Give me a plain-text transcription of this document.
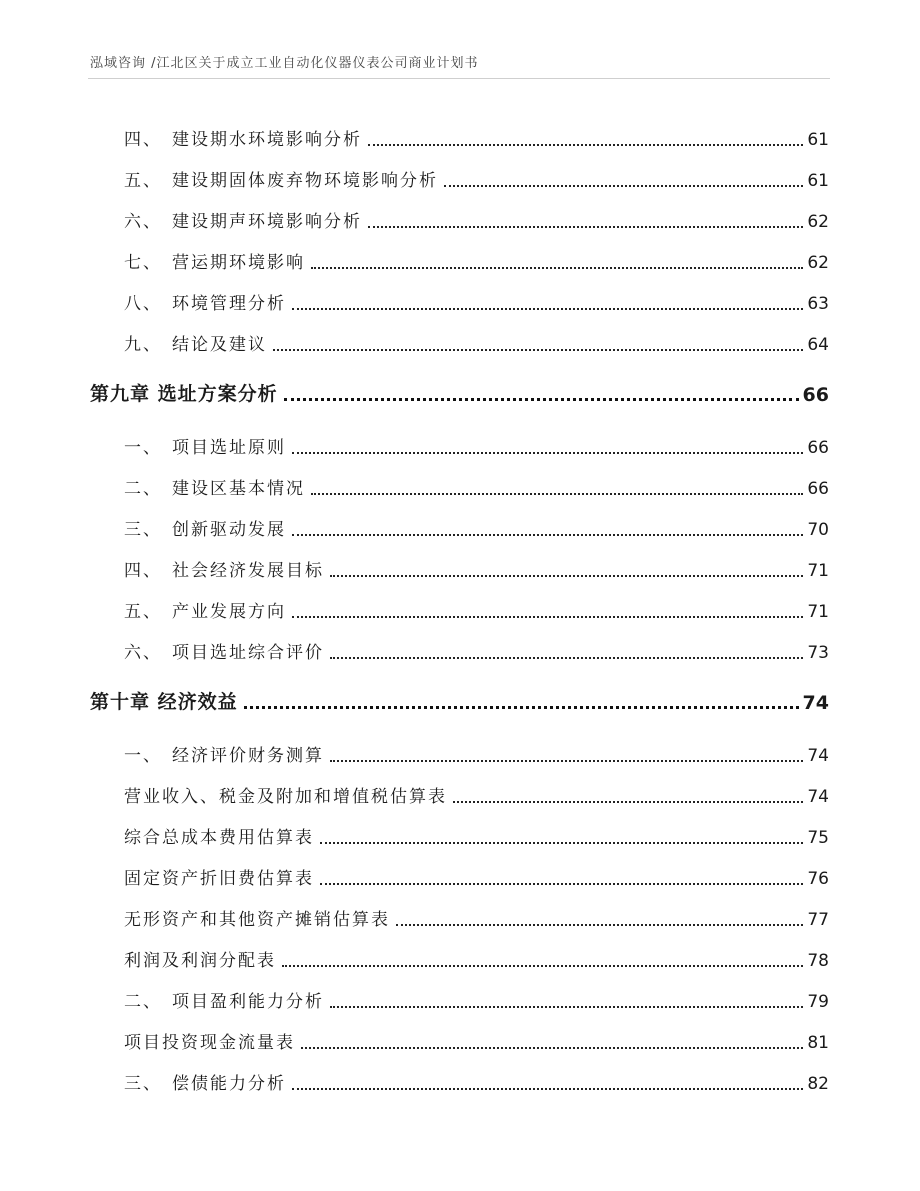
泓域咨询 /江北区关于成立工业自动化仪器仪表公司商业计划书
四、 建设期水环境影响分析	61
五、 建设期固体废弃物环境影响分析	61
六、 建设期声环境影响分析	62
七、 营运期环境影响	62
八、 环境管理分析	63
九、 结论及建议	64
第九章 选址方案分析	66
一、 项目选址原则	66
二、 建设区基本情况	66
三、 创新驱动发展	70
四、 社会经济发展目标	71
五、 产业发展方向	71
六、 项目选址综合评价	73
第十章 经济效益	74
一、 经济评价财务测算	74
营业收入、税金及附加和增值税估算表	74
综合总成本费用估算表	75
固定资产折旧费估算表	76
无形资产和其他资产摊销估算表	77
利润及利润分配表	78
二、 项目盈利能力分析	79
项目投资现金流量表	81
三、 偿债能力分析	82
